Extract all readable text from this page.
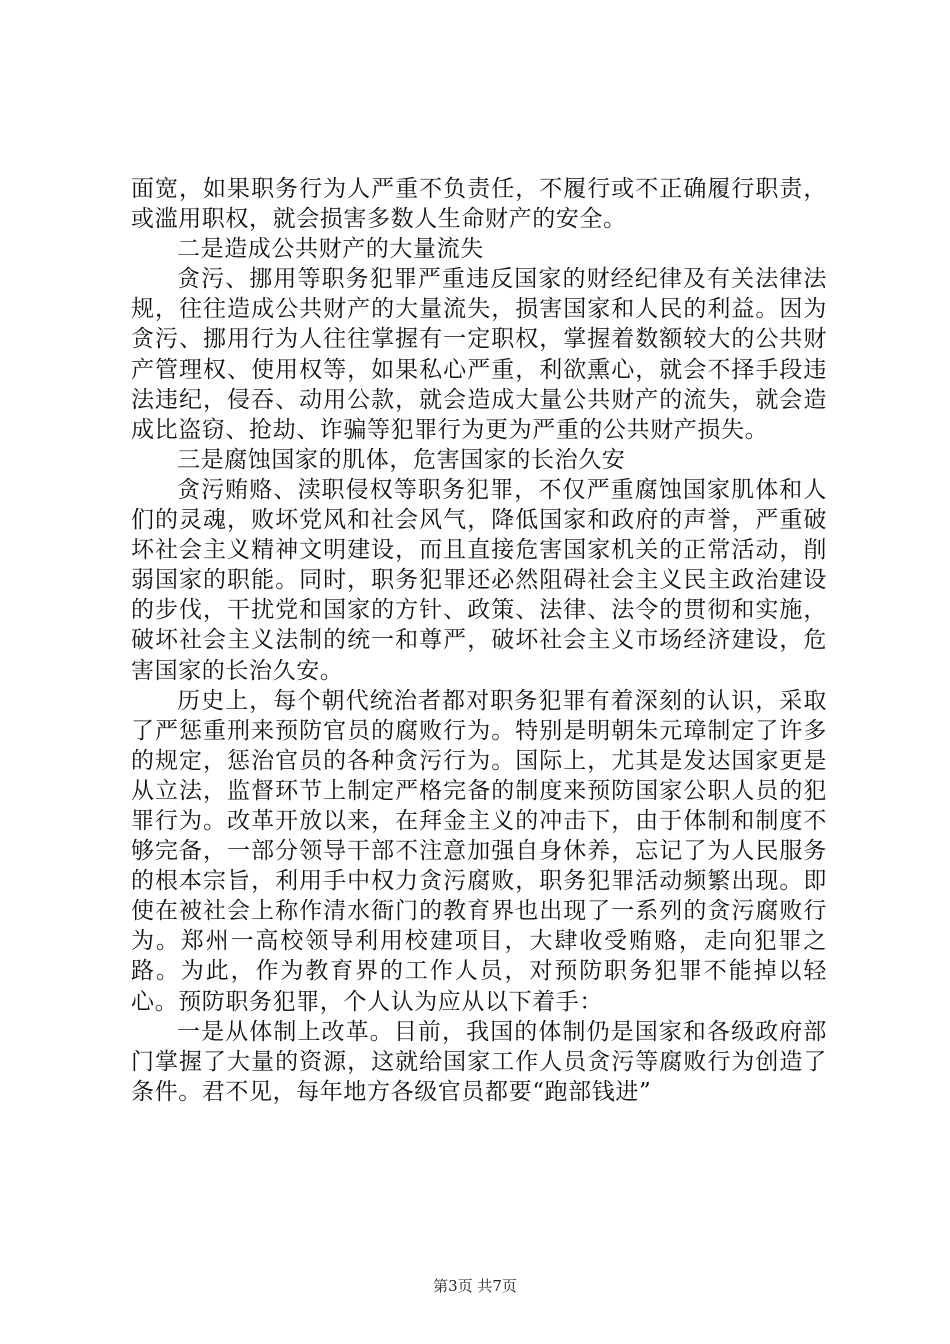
面宽，如果职务行为人严重不负责任，不履行或不正确履行职责，或滥用职权，就会损害多数人生命财产的安全。

二是造成公共财产的大量流失

贪污、挪用等职务犯罪严重违反国家的财经纪律及有关法律法规，往往造成公共财产的大量流失，损害国家和人民的利益。因为贪污、挪用行为人往往掌握有一定职权，掌握着数额较大的公共财产管理权、使用权等，如果私心严重，利欲熏心，就会不择手段违法违纪，侵吞、动用公款，就会造成大量公共财产的流失，就会造成比盗窃、抢劫、诈骗等犯罪行为更为严重的公共财产损失。

三是腐蚀国家的肌体，危害国家的长治久安

贪污贿赂、渎职侵权等职务犯罪，不仅严重腐蚀国家肌体和人们的灵魂，败坏党风和社会风气，降低国家和政府的声誉，严重破坏社会主义精神文明建设，而且直接危害国家机关的正常活动，削弱国家的职能。同时，职务犯罪还必然阻碍社会主义民主政治建设的步伐，干扰党和国家的方针、政策、法律、法令的贯彻和实施，破坏社会主义法制的统一和尊严，破坏社会主义市场经济建设，危害国家的长治久安。

历史上，每个朝代统治者都对职务犯罪有着深刻的认识，采取了严惩重刑来预防官员的腐败行为。特别是明朝朱元璋制定了许多的规定，惩治官员的各种贪污行为。国际上，尤其是发达国家更是从立法，监督环节上制定严格完备的制度来预防国家公职人员的犯罪行为。改革开放以来，在拜金主义的冲击下，由于体制和制度不够完备，一部分领导干部不注意加强自身休养，忘记了为人民服务的根本宗旨，利用手中权力贪污腐败，职务犯罪活动频繁出现。即使在被社会上称作清水衙门的教育界也出现了一系列的贪污腐败行为。郑州一高校领导利用校建项目，大肆收受贿赂，走向犯罪之路。为此，作为教育界的工作人员，对预防职务犯罪不能掉以轻心。预防职务犯罪，个人认为应从以下着手：

一是从体制上改革。目前，我国的体制仍是国家和各级政府部门掌握了大量的资源，这就给国家工作人员贪污等腐败行为创造了条件。君不见，每年地方各级官员都要“跑部钱进”

第3页 共7页
